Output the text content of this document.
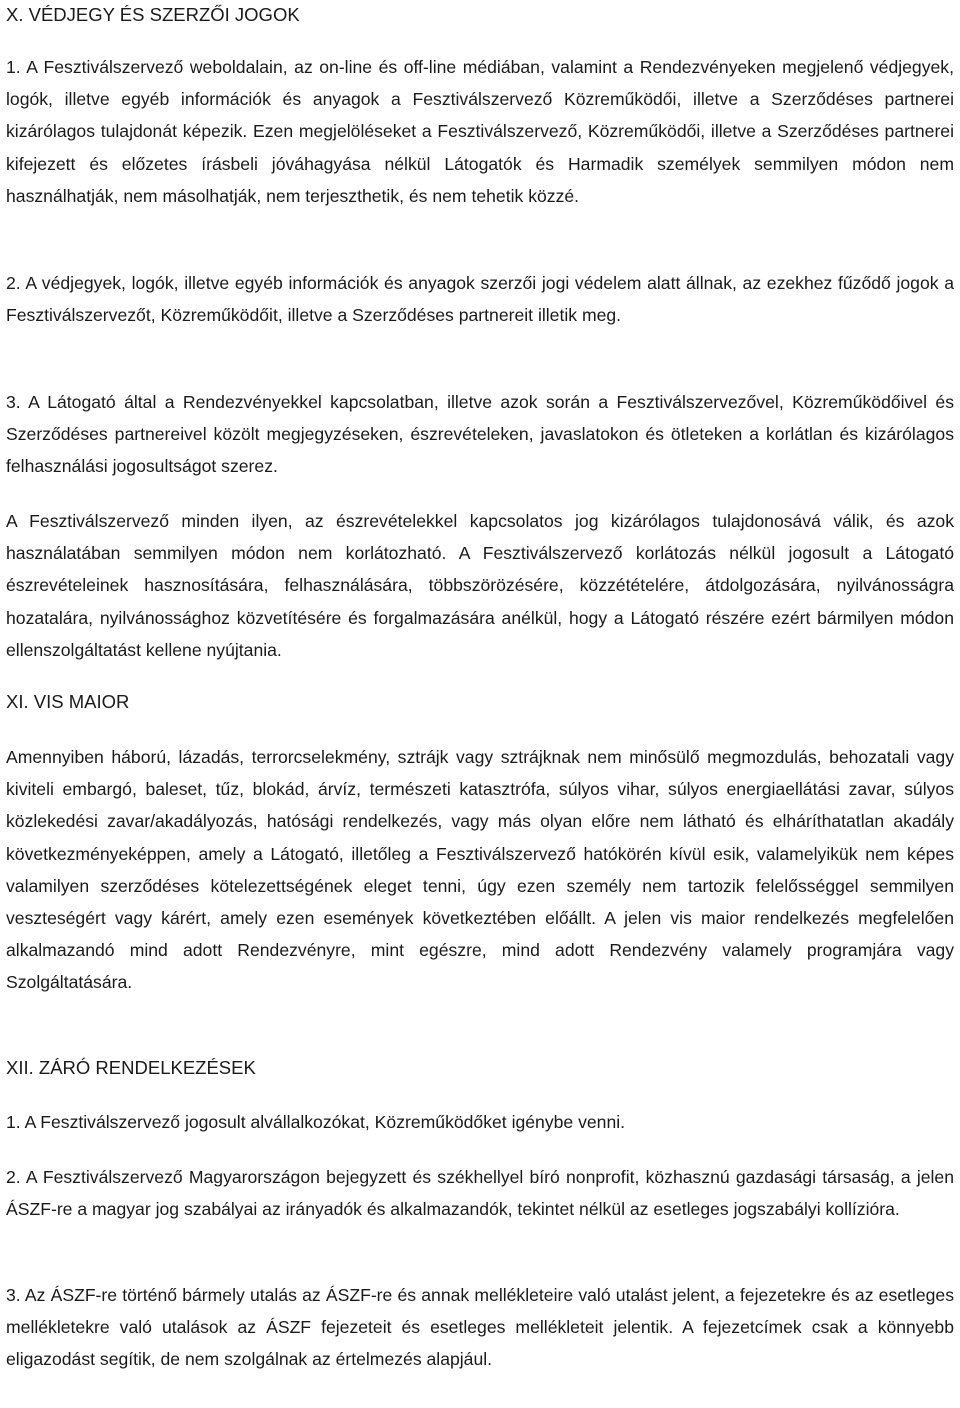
X. VÉDJEGY ÉS SZERZŐI JOGOK

1. A Fesztiválszervező weboldalain, az on-line és off-line médiában, valamint a Rendezvényeken megjelenő védjegyek, logók, illetve egyéb információk és anyagok a Fesztiválszervező Közreműködői, illetve a Szerződéses partnerei kizárólagos tulajdonát képezik. Ezen megjelöléseket a Fesztiválszervező, Közreműködői, illetve a Szerződéses partnerei kifejezett és előzetes írásbeli jóváhagyása nélkül Látogatók és Harmadik személyek semmilyen módon nem használhatják, nem másolhatják, nem terjeszthetik, és nem tehetik közzé.

2. A védjegyek, logók, illetve egyéb információk és anyagok szerzői jogi védelem alatt állnak, az ezekhez fűződő jogok a Fesztiválszervezőt, Közreműködőit, illetve a Szerződéses partnereit illetik meg.

3. A Látogató által a Rendezvényekkel kapcsolatban, illetve azok során a Fesztiválszervezővel, Közreműködőivel és Szerződéses partnereivel közölt megjegyzéseken, észrevételeken, javaslatokon és ötleteken a korlátlan és kizárólagos felhasználási jogosultságot szerez.

A Fesztiválszervező minden ilyen, az észrevételekkel kapcsolatos jog kizárólagos tulajdonosává válik, és azok használatában semmilyen módon nem korlátozható. A Fesztiválszervező korlátozás nélkül jogosult a Látogató észrevételeinek hasznosítására, felhasználására, többszörözésére, közzétételére, átdolgozására, nyilvánosságra hozatalára, nyilvánossághoz közvetítésére és forgalmazására anélkül, hogy a Látogató részére ezért bármilyen módon ellenszolgáltatást kellene nyújtania.

XI. VIS MAIOR

Amennyiben háború, lázadás, terrorcselekmény, sztrájk vagy sztrájknak nem minősülő megmozdulás, behozatali vagy kiviteli embargó, baleset, tűz, blokád, árvíz, természeti katasztrófa, súlyos vihar, súlyos energiaellátási zavar, súlyos közlekedési zavar/akadályozás, hatósági rendelkezés, vagy más olyan előre nem látható és elháríthatatlan akadály következményeképpen, amely a Látogató, illetőleg a Fesztiválszervező hatókörén kívül esik, valamelyikük nem képes valamilyen szerződéses kötelezettségének eleget tenni, úgy ezen személy nem tartozik felelősséggel semmilyen veszteségért vagy kárért, amely ezen események következtében előállt. A jelen vis maior rendelkezés megfelelően alkalmazandó mind adott Rendezvényre, mint egészre, mind adott Rendezvény valamely programjára vagy Szolgáltatására.

XII. ZÁRÓ RENDELKEZÉSEK

1. A Fesztiválszervező jogosult alvállalkozókat, Közreműködőket igénybe venni.

2. A Fesztiválszervező Magyarországon bejegyzett és székhellyel bíró nonprofit, közhasznú gazdasági társaság, a jelen ÁSZF-re a magyar jog szabályai az irányadók és alkalmazandók, tekintet nélkül az esetleges jogszabályi kollízióra.

3. Az ÁSZF-re történő bármely utalás az ÁSZF-re és annak mellékleteire való utalást jelent, a fejezetekre és az esetleges mellékletekre való utalások az ÁSZF fejezeteit és esetleges mellékleteit jelentik. A fejezetcímek csak a könnyebb eligazodást segítik, de nem szolgálnak az értelmezés alapjául.
